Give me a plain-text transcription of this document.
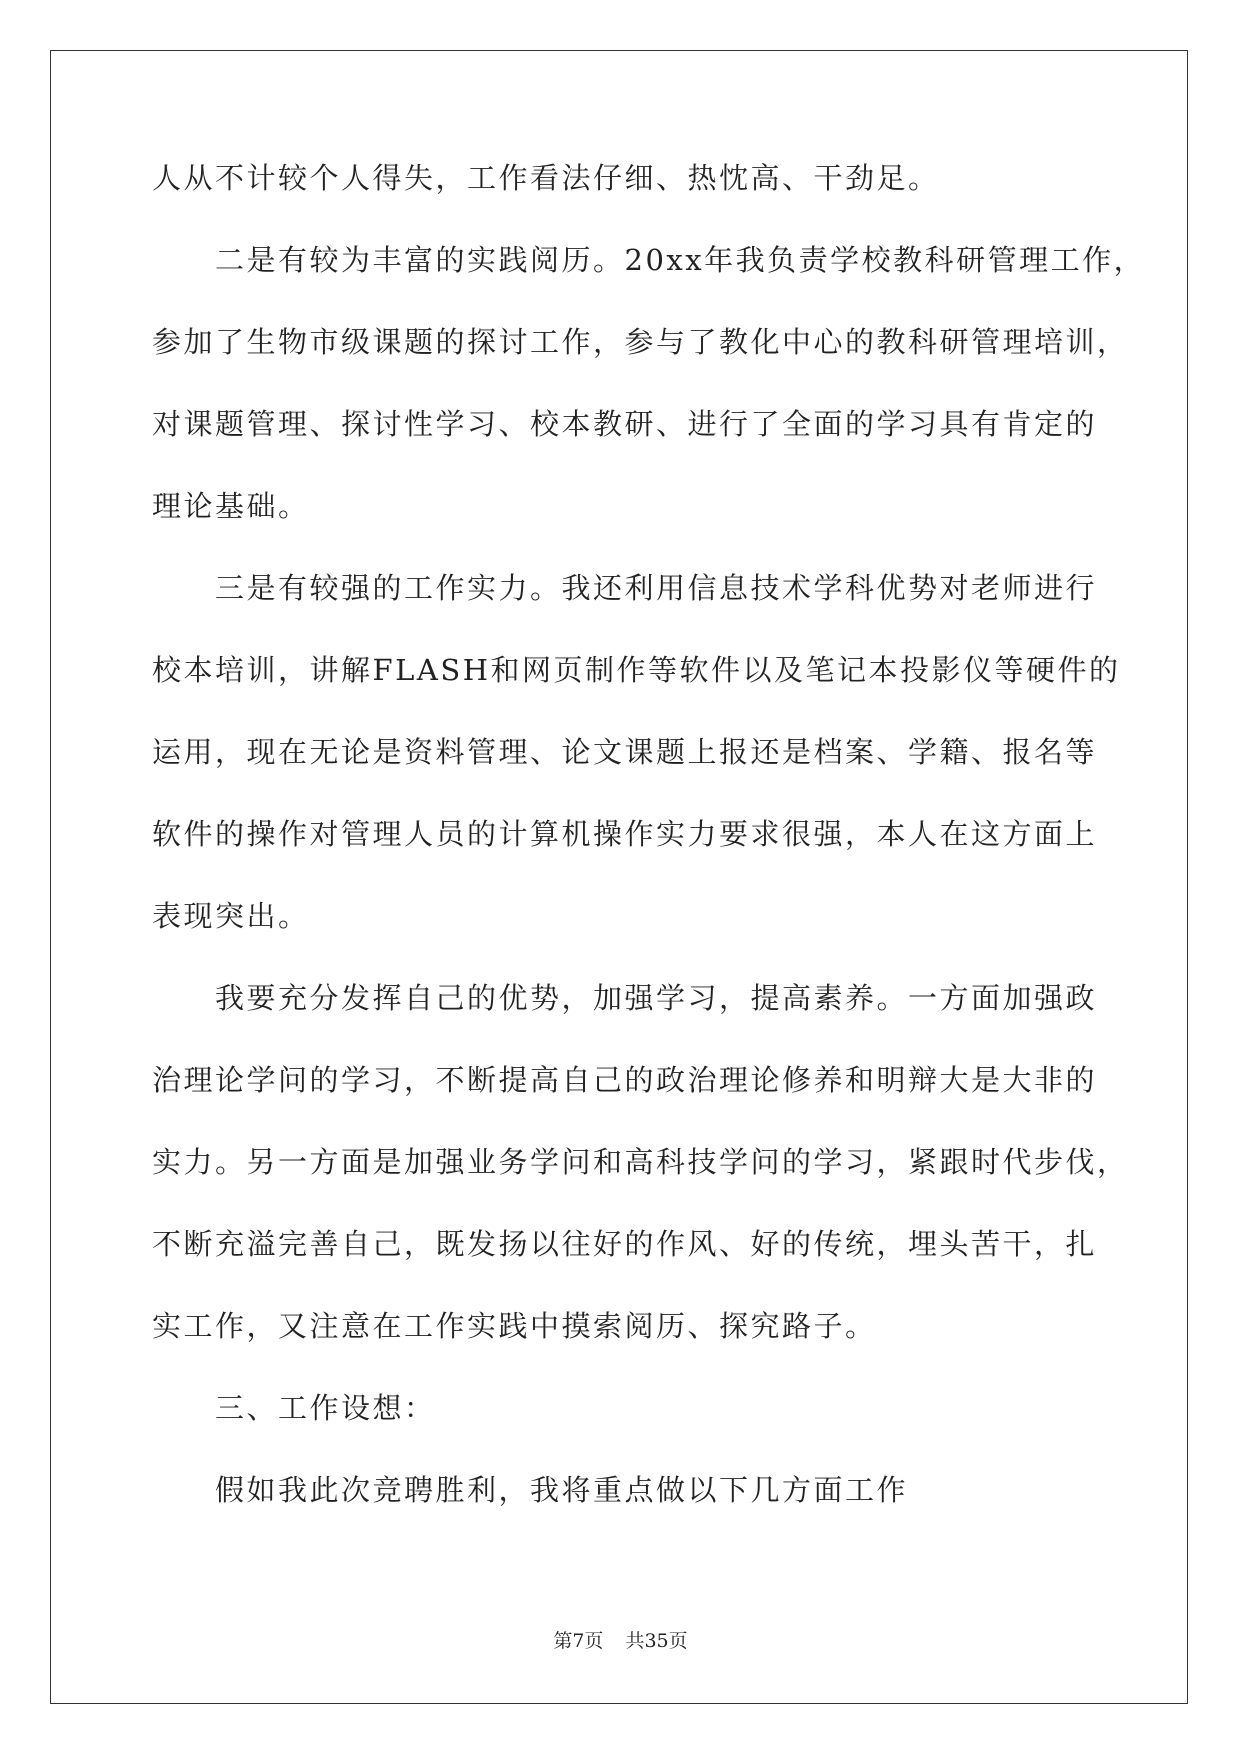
人从不计较个人得失，工作看法仔细、热忱高、干劲足。
二是有较为丰富的实践阅历。20xx年我负责学校教科研管理工作，
参加了生物市级课题的探讨工作，参与了教化中心的教科研管理培训，
对课题管理、探讨性学习、校本教研、进行了全面的学习具有肯定的
理论基础。
三是有较强的工作实力。我还利用信息技术学科优势对老师进行
校本培训，讲解FLASH和网页制作等软件以及笔记本投影仪等硬件的
运用，现在无论是资料管理、论文课题上报还是档案、学籍、报名等
软件的操作对管理人员的计算机操作实力要求很强，本人在这方面上
表现突出。
我要充分发挥自己的优势，加强学习，提高素养。一方面加强政
治理论学问的学习，不断提高自己的政治理论修养和明辩大是大非的
实力。另一方面是加强业务学问和高科技学问的学习，紧跟时代步伐，
不断充溢完善自己，既发扬以往好的作风、好的传统，埋头苦干，扎
实工作，又注意在工作实践中摸索阅历、探究路子。
三、工作设想：
假如我此次竞聘胜利，我将重点做以下几方面工作
第7页 共35页
